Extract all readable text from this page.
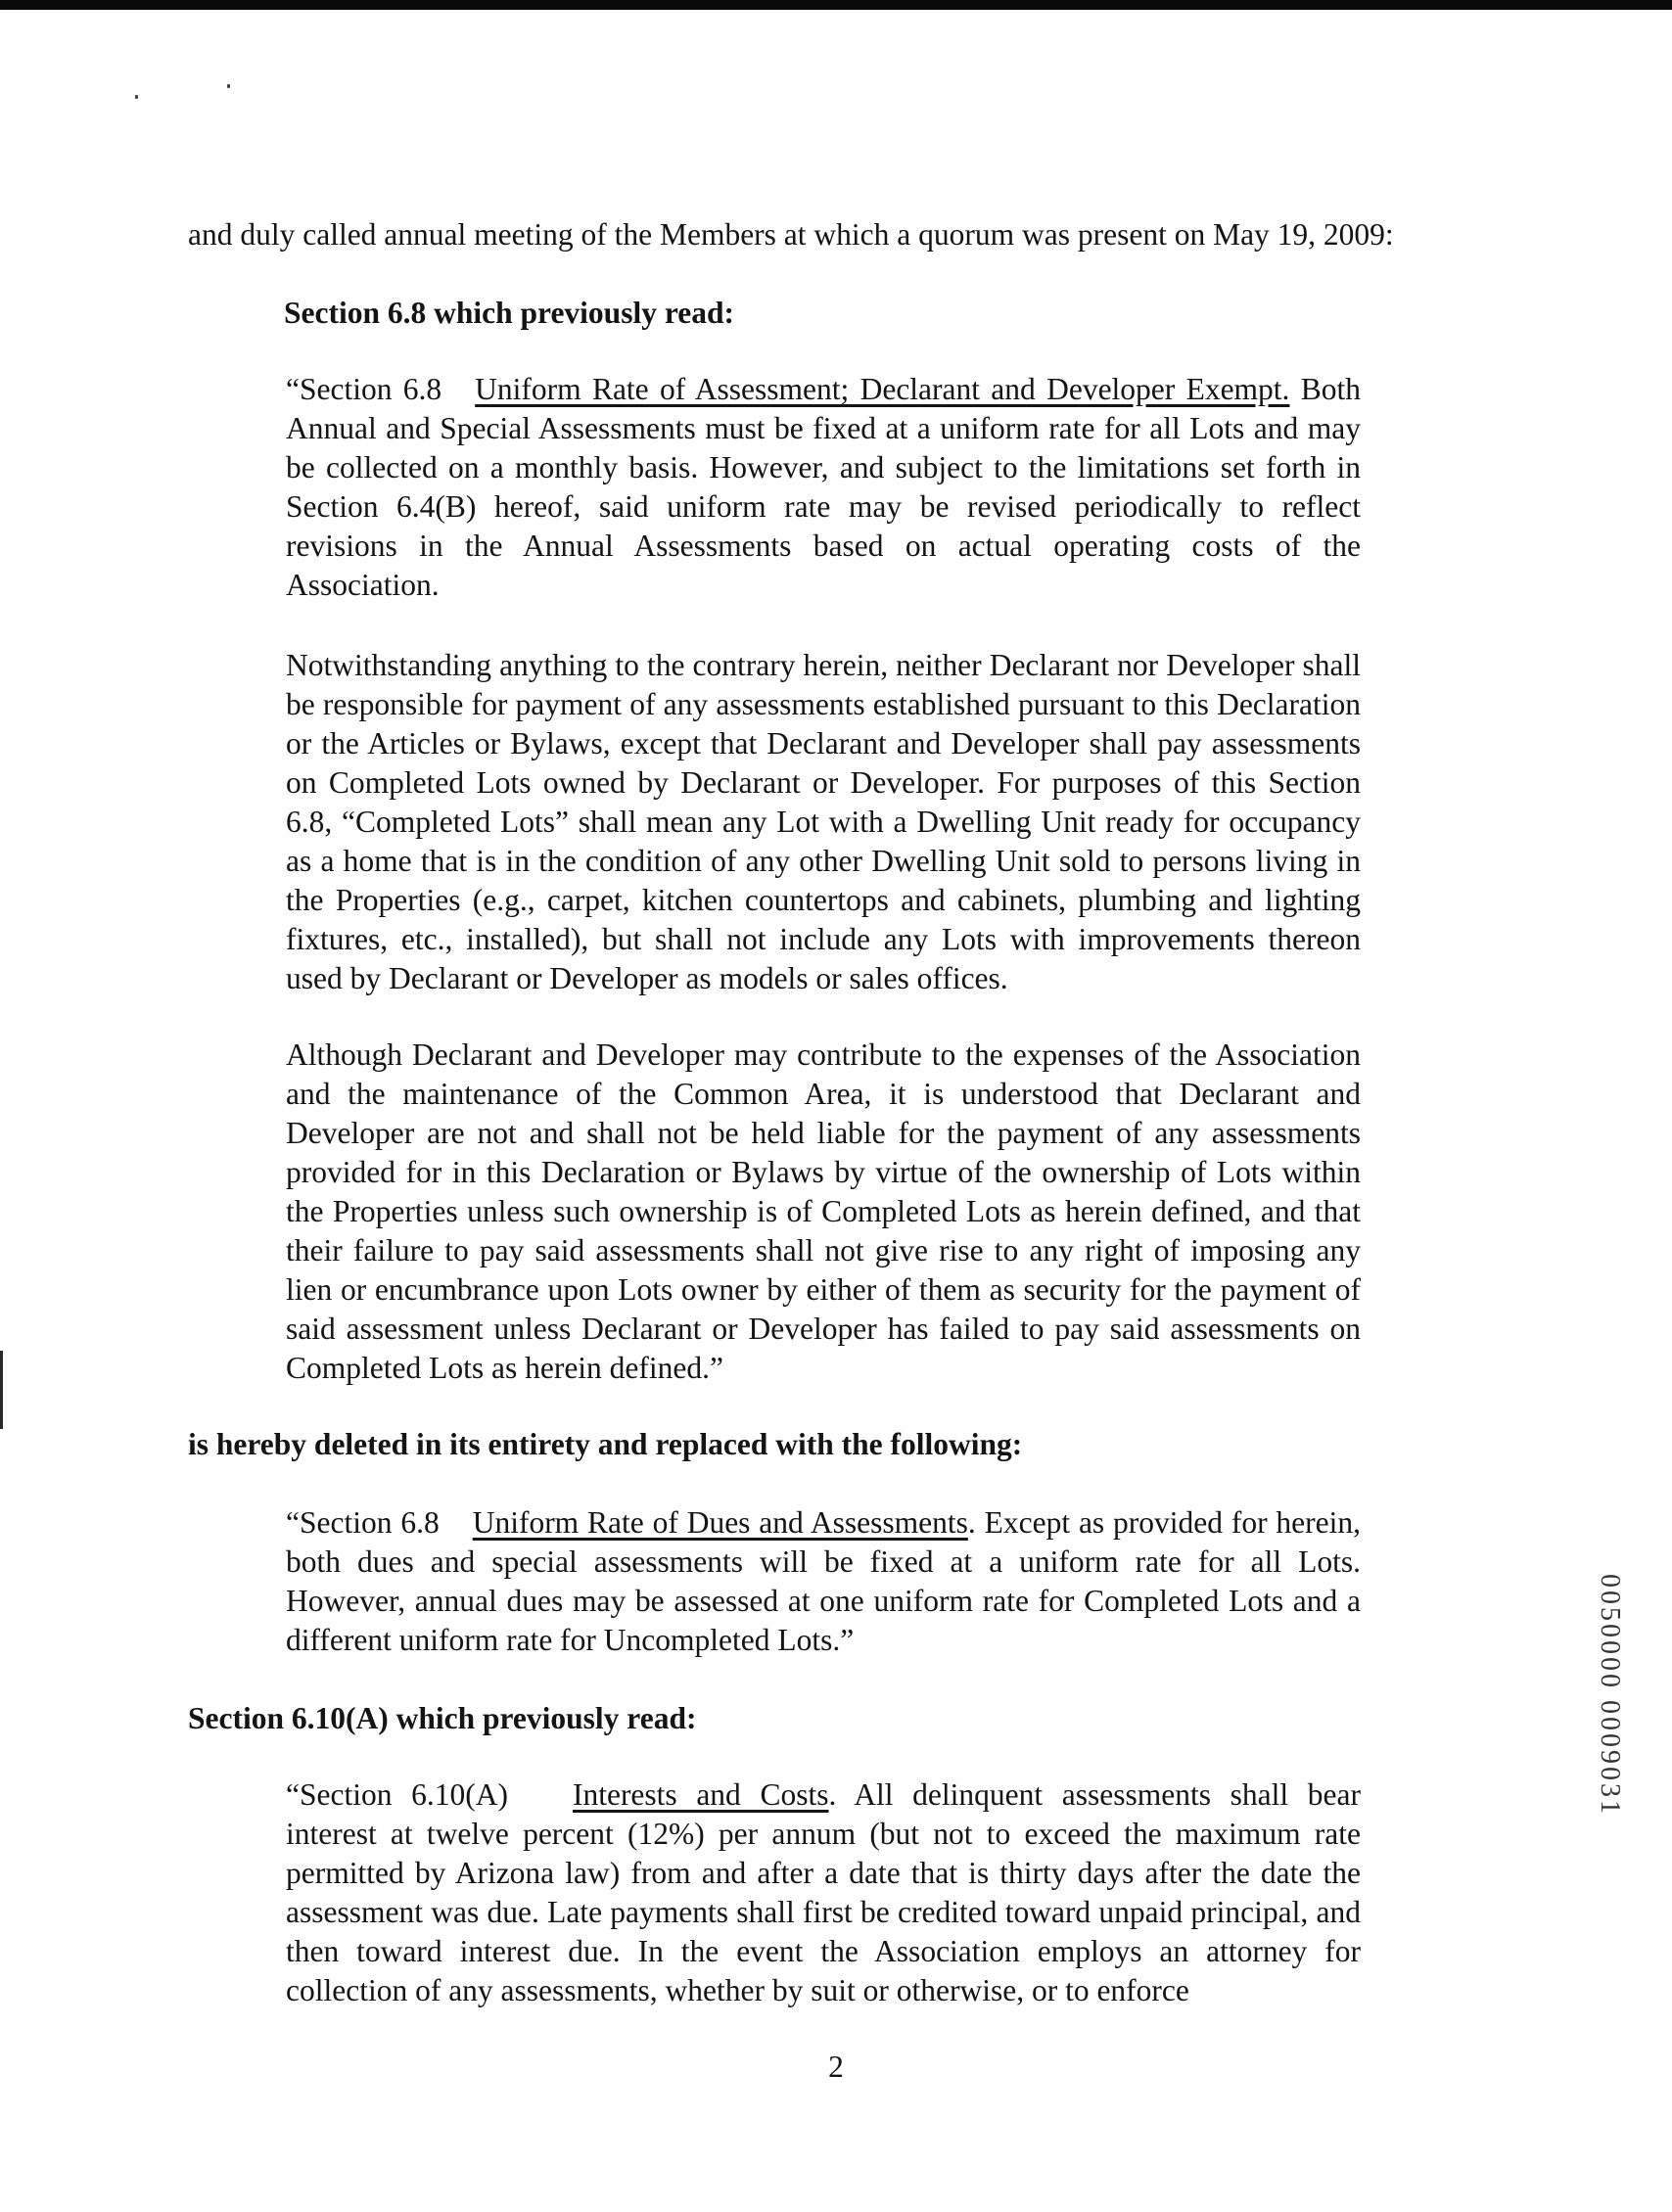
and duly called annual meeting of the Members at which a quorum was present on May 19, 2009:
Section 6.8 which previously read:

“Section 6.8 Uniform Rate of Assessment; Declarant and Developer Exempt. Both Annual and Special Assessments must be fixed at a uniform rate for all Lots and may be collected on a monthly basis. However, and subject to the limitations set forth in Section 6.4(B) hereof, said uniform rate may be revised periodically to reflect revisions in the Annual Assessments based on actual operating costs of the Association.

Notwithstanding anything to the contrary herein, neither Declarant nor Developer shall be responsible for payment of any assessments established pursuant to this Declaration or the Articles or Bylaws, except that Declarant and Developer shall pay assessments on Completed Lots owned by Declarant or Developer. For purposes of this Section 6.8, “Completed Lots” shall mean any Lot with a Dwelling Unit ready for occupancy as a home that is in the condition of any other Dwelling Unit sold to persons living in the Properties (e.g., carpet, kitchen countertops and cabinets, plumbing and lighting fixtures, etc., installed), but shall not include any Lots with improvements thereon used by Declarant or Developer as models or sales offices.

Although Declarant and Developer may contribute to the expenses of the Association and the maintenance of the Common Area, it is understood that Declarant and Developer are not and shall not be held liable for the payment of any assessments provided for in this Declaration or Bylaws by virtue of the ownership of Lots within the Properties unless such ownership is of Completed Lots as herein defined, and that their failure to pay said assessments shall not give rise to any right of imposing any lien or encumbrance upon Lots owner by either of them as security for the payment of said assessment unless Declarant or Developer has failed to pay said assessments on Completed Lots as herein defined.”

is hereby deleted in its entirety and replaced with the following:

“Section 6.8 Uniform Rate of Dues and Assessments. Except as provided for herein, both dues and special assessments will be fixed at a uniform rate for all Lots. However, annual dues may be assessed at one uniform rate for Completed Lots and a different uniform rate for Uncompleted Lots.”

Section 6.10(A) which previously read:

“Section 6.10(A) Interests and Costs. All delinquent assessments shall bear interest at twelve percent (12%) per annum (but not to exceed the maximum rate permitted by Arizona law) from and after a date that is thirty days after the date the assessment was due. Late payments shall first be credited toward unpaid principal, and then toward interest due. In the event the Association employs an attorney for collection of any assessments, whether by suit or otherwise, or to enforce

2
0050000 0009031
